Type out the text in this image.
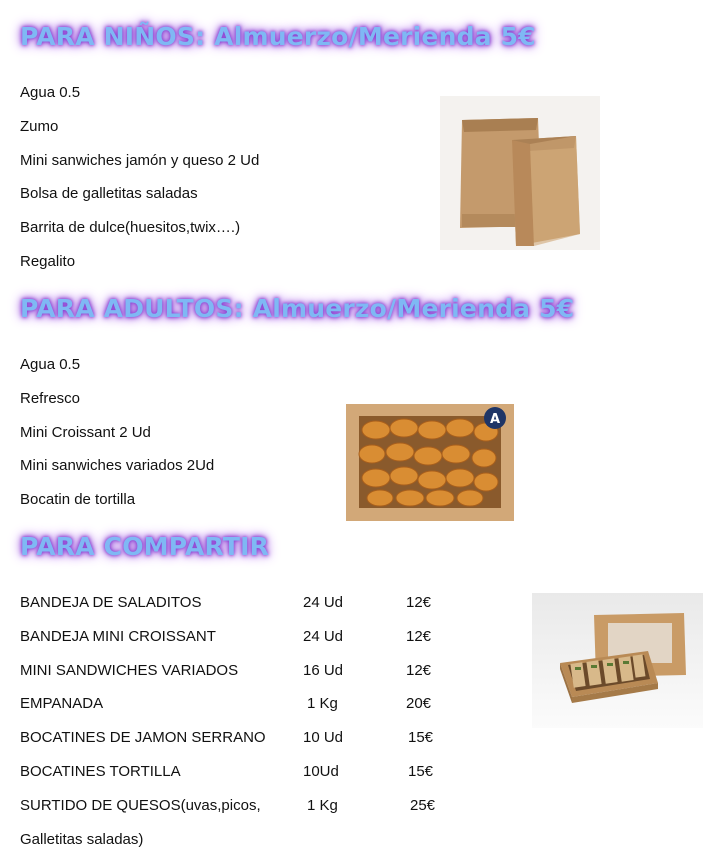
PARA NIÑOS: Almuerzo/Merienda 5€
Agua 0.5
Zumo
Mini sanwiches jamón y queso 2 Ud
Bolsa de galletitas saladas
Barrita de dulce(huesitos,twix….)
Regalito
PARA ADULTOS: Almuerzo/Merienda 5€
Agua 0.5
Refresco
Mini Croissant 2 Ud
Mini sanwiches variados 2Ud
Bocatin de tortilla
A
PARA COMPARTIR
BANDEJA DE SALADITOS	24 Ud	12€
BANDEJA MINI CROISSANT	24 Ud	12€
MINI SANDWICHES VARIADOS	16 Ud	12€
EMPANADA	1 Kg	20€
BOCATINES DE JAMON SERRANO 10 Ud	15€
BOCATINES TORTILLA	10Ud	15€
SURTIDO DE QUESOS(uvas,picos,	1 Kg	25€
Galletitas saladas)
